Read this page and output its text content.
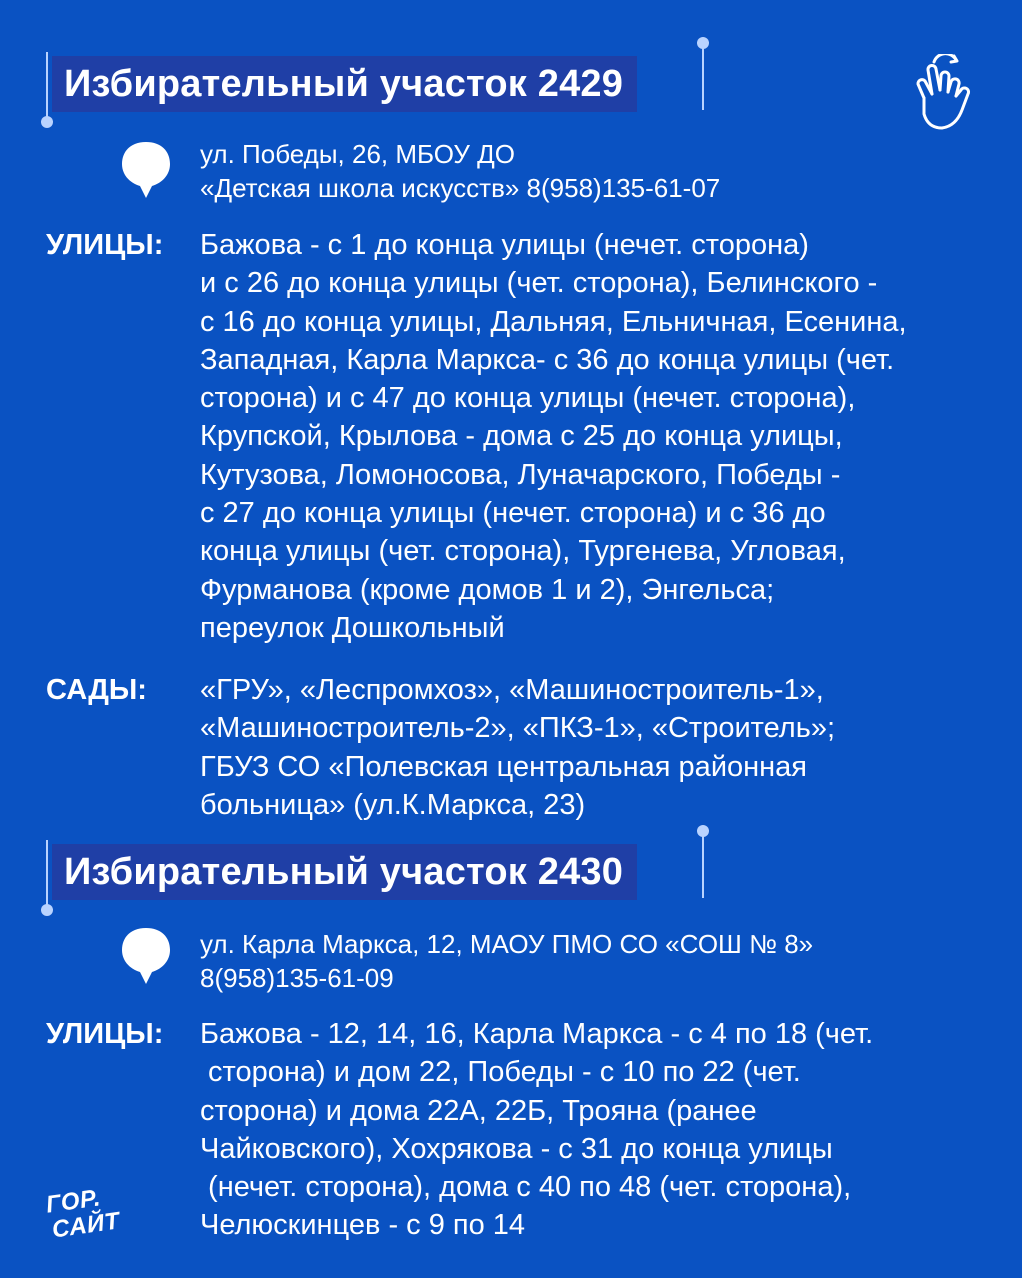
Избирательный участок 2429
ул. Победы, 26, МБОУ ДО
«Детская школа искусств» 8(958)135-61-07
УЛИЦЫ: Бажова - с 1 до конца улицы (нечет. сторона)
и с 26 до конца улицы (чет. сторона), Белинского -
с 16 до конца улицы, Дальняя, Ельничная, Есенина,
Западная, Карла Маркса- с 36 до конца улицы (чет.
сторона) и с 47 до конца улицы (нечет. сторона),
Крупской, Крылова - дома с 25 до конца улицы,
Кутузова, Ломоносова, Луначарского, Победы -
с 27 до конца улицы (нечет. сторона) и с 36 до
конца улицы (чет. сторона), Тургенева, Угловая,
Фурманова (кроме домов 1 и 2), Энгельса;
переулок Дошкольный
САДЫ: «ГРУ», «Леспромхоз», «Машиностроитель-1»,
«Машиностроитель-2», «ПКЗ-1», «Строитель»;
ГБУЗ СО «Полевская центральная районная
больница» (ул.К.Маркса, 23)
Избирательный участок 2430
ул. Карла Маркса, 12, МАОУ ПМО СО «СОШ № 8»
8(958)135-61-09
УЛИЦЫ: Бажова - 12, 14, 16, Карла Маркса - с 4 по 18 (чет.
сторона) и дом 22, Победы - с 10 по 22 (чет.
сторона) и дома 22А, 22Б, Трояна (ранее
Чайковского), Хохрякова - с 31 до конца улицы
(нечет. сторона), дома с 40 по 48 (чет. сторона),
Челюскинцев - с 9 по 14
ГОР.
САЙТ
